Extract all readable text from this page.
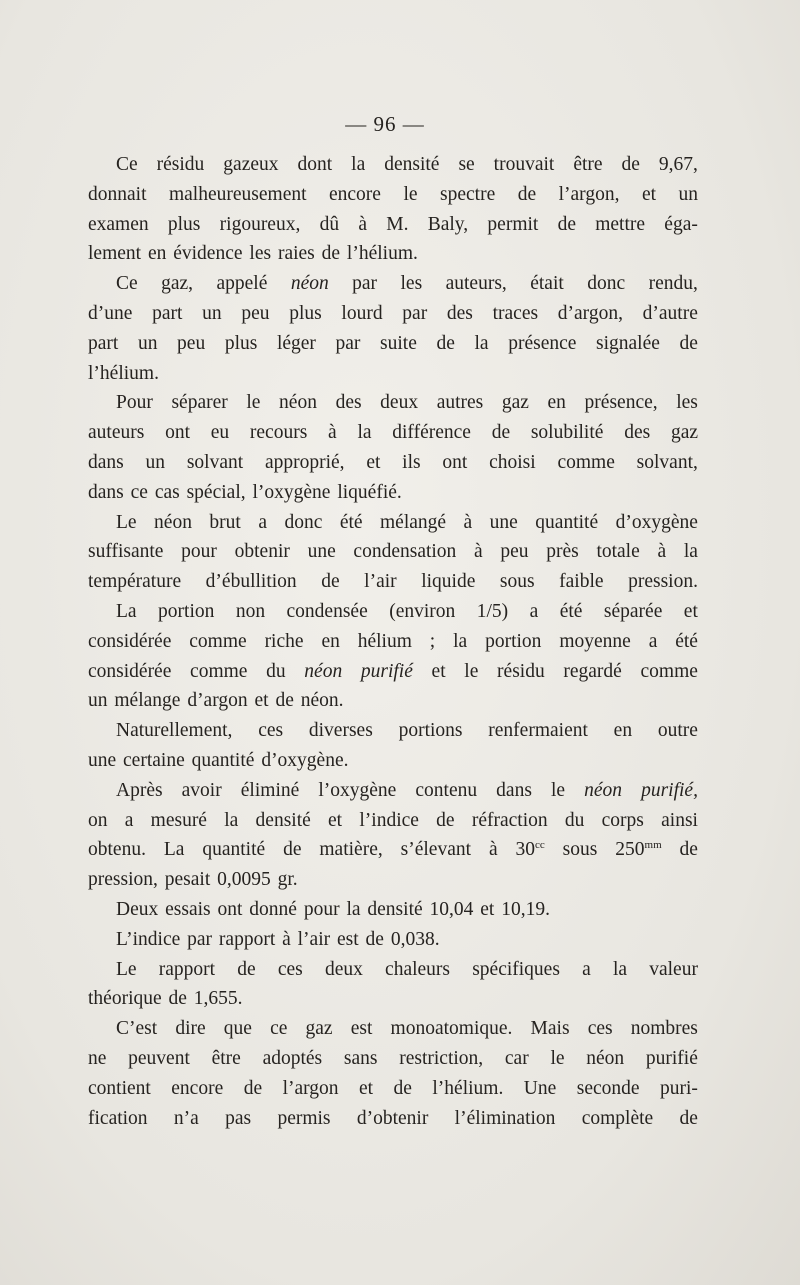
— 96 —
Ce résidu gazeux dont la densité se trouvait être de 9,67,
donnait malheureusement encore le spectre de l’argon, et un
examen plus rigoureux, dû à M. Baly, permit de mettre éga-
lement
en
évidence
les
raies
de
l’hélium.
Ce gaz, appelé néon par les auteurs, était donc rendu,
d’une part un peu plus lourd par des traces d’argon, d’autre
part un peu plus léger par suite de la présence signalée de
l’hélium.
Pour séparer le néon des deux autres gaz en présence, les
auteurs ont eu recours à la différence de solubilité des gaz
dans un solvant approprié, et ils ont choisi comme solvant,
dans
ce
cas
spécial,
l’oxygène
liquéfié.
Le néon brut a donc été mélangé à une quantité d’oxygène
suffisante pour obtenir une condensation à peu près totale à la
température d’ébullition de l’air liquide sous faible pression.
La portion non condensée (environ 1/5) a été séparée et
considérée comme riche en hélium ; la portion moyenne a été
considérée comme du néon purifié et le résidu regardé comme
un
mélange
d’argon
et
de
néon.
Naturellement, ces diverses portions renfermaient en outre
une
certaine
quantité
d’oxygène.
Après avoir éliminé l’oxygène contenu dans le néon purifié,
on a mesuré la densité et l’indice de réfraction du corps ainsi
obtenu. La quantité de matière, s’élevant à $30^{cc}$ sous $250^{mm}$ de
pression,
pesait
0,0095
gr.
Deux
essais
ont
donné
pour
la
densité
10,04
et
10,19.
L’indice
par
rapport
à
l’air
est
de
0,038.
Le rapport de ces deux chaleurs spécifiques a la valeur
théorique
de
1,655.
C’est dire que ce gaz est monoatomique. Mais ces nombres
ne peuvent être adoptés sans restriction, car le néon purifié
contient encore de l’argon et de l’hélium. Une seconde puri-
fication n’a pas permis d’obtenir l’élimination complète de
